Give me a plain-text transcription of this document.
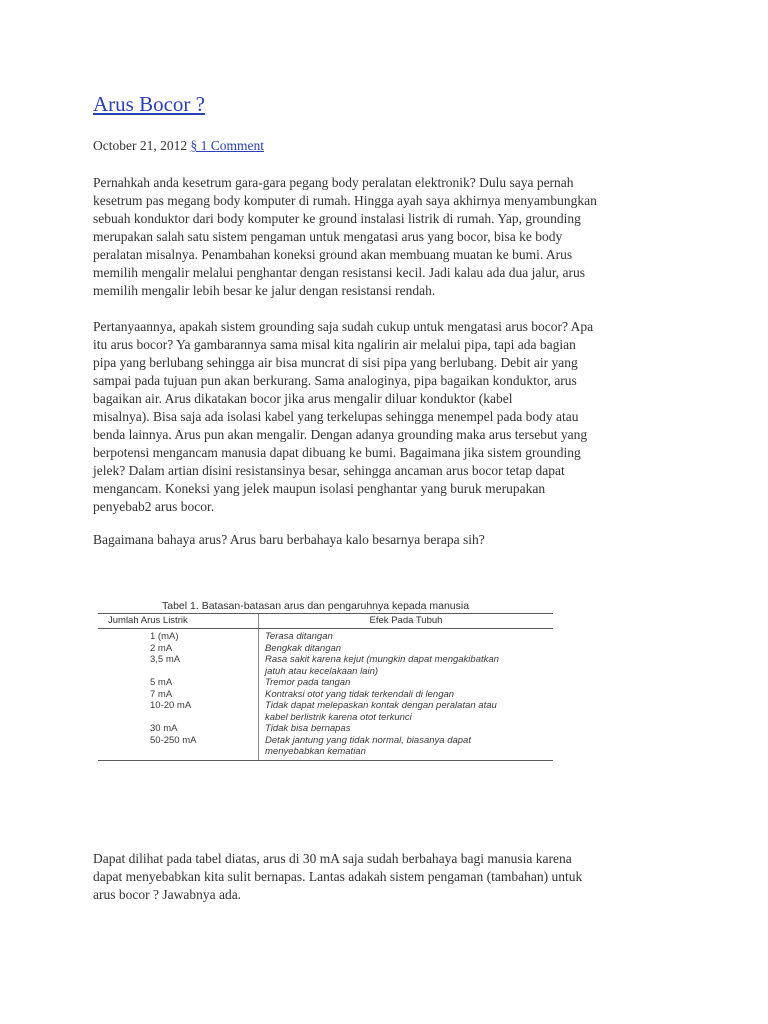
Arus Bocor ?
October 21, 2012 § 1 Comment

Pernahkah anda kesetrum gara-gara pegang body peralatan elektronik? Dulu saya pernah
kesetrum pas megang body komputer di rumah. Hingga ayah saya akhirnya menyambungkan
sebuah konduktor dari body komputer ke ground instalasi listrik di rumah. Yap, grounding
merupakan salah satu sistem pengaman untuk mengatasi arus yang bocor, bisa ke body
peralatan misalnya. Penambahan koneksi ground akan membuang muatan ke bumi. Arus
memilih mengalir melalui penghantar dengan resistansi kecil. Jadi kalau ada dua jalur, arus
memilih mengalir lebih besar ke jalur dengan resistansi rendah.

Pertanyaannya, apakah sistem grounding saja sudah cukup untuk mengatasi arus bocor? Apa
itu arus bocor? Ya gambarannya sama misal kita ngalirin air melalui pipa, tapi ada bagian
pipa yang berlubang sehingga air bisa muncrat di sisi pipa yang berlubang. Debit air yang
sampai pada tujuan pun akan berkurang. Sama analoginya, pipa bagaikan konduktor, arus
bagaikan air. Arus dikatakan bocor jika arus mengalir diluar konduktor (kabel
misalnya). Bisa saja ada isolasi kabel yang terkelupas sehingga menempel pada body atau
benda lainnya. Arus pun akan mengalir. Dengan adanya grounding maka arus tersebut yang
berpotensi mengancam manusia dapat dibuang ke bumi. Bagaimana jika sistem grounding
jelek? Dalam artian disini resistansinya besar, sehingga ancaman arus bocor tetap dapat
mengancam. Koneksi yang jelek maupun isolasi penghantar yang buruk merupakan
penyebab2 arus bocor.

Bagaimana bahaya arus? Arus baru berbahaya kalo besarnya berapa sih?

Dapat dilihat pada tabel diatas, arus di 30 mA saja sudah berbahaya bagi manusia karena
dapat menyebabkan kita sulit bernapas. Lantas adakah sistem pengaman (tambahan) untuk
arus bocor ? Jawabnya ada.

Tabel 1. Batasan-batasan arus dan pengaruhnya kepada manusia
Jumlah Arus Listrik	Efek Pada Tubuh
1 (mA)	Terasa ditangan

2 mA	Bengkak ditangan

3,5 mA	Rasa sakit karena kejut (mungkin dapat mengakibatkan
jatuh atau kecelakaan lain)

5 mA	Tremor pada tangan

7 mA	Kontraksi otot yang tidak terkendali di lengan

10-20 mA	Tidak dapat melepaskan kontak dengan peralatan atau
kabel berlistrik karena otot terkunci

30 mA	Tidak bisa bernapas

50-250 mA	Detak jantung yang tidak normal, biasanya dapat
menyebabkan kematian
